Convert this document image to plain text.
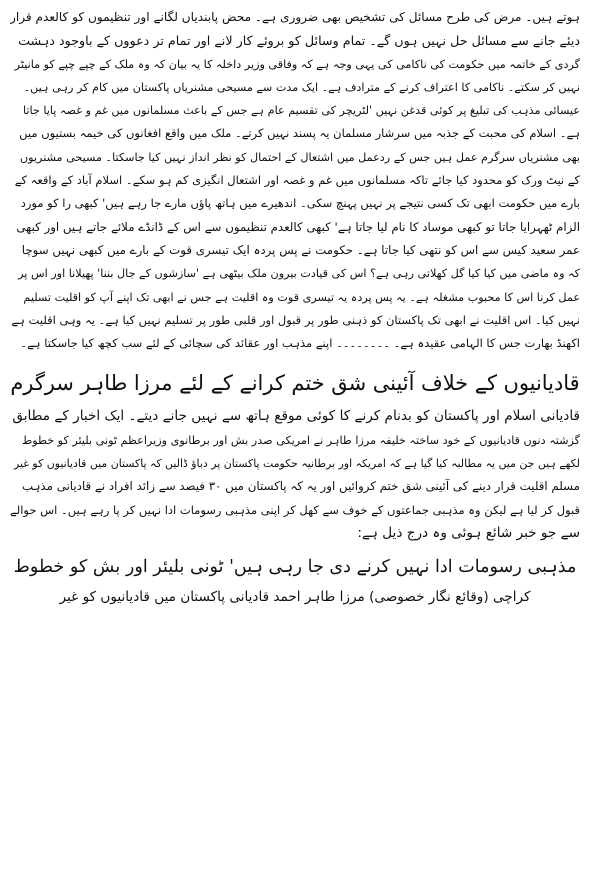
ہوتے ہیں۔ مرض کی طرح مسائل کی تشخیص بھی ضروری ہے۔ محض پابندیاں لگانے اور تنظیموں کو کالعدم قرار
دیئے جانے سے مسائل حل نہیں ہوں گے۔ تمام وسائل کو بروئے کار لانے اور تمام تر دعووں کے باوجود دہشت
گردی کے خاتمہ میں حکومت کی ناکامی کی یہی وجہ ہے کہ وفاقی وزیر داخلہ کا یہ بیان کہ وہ ملک کے چپے چپے کو مانیٹر
نہیں کر سکتے۔ ناکامی کا اعتراف کرنے کے مترادف ہے۔ ایک مدت سے مسیحی مشنریاں پاکستان میں کام کر رہی ہیں۔
عیسائی مذہب کی تبلیغ پر کوئی قدغن نہیں 'لٹریچر کی تقسیم عام ہے جس کے باعث مسلمانوں میں غم و غصہ پایا جاتا
ہے۔ اسلام کی محبت کے جذبہ میں سرشار مسلمان یہ پسند نہیں کرتے۔ ملک میں واقع افغانوں کی خیمہ بستیوں میں
بھی مشنریاں سرگرم عمل ہیں جس کے ردعمل میں اشتعال کے احتمال کو نظر انداز نہیں کیا جاسکتا۔ مسیحی مشنریوں
کے نیٹ ورک کو محدود کیا جائے تاکہ مسلمانوں میں غم و غصہ اور اشتعال انگیزی کم ہو سکے۔ اسلام آباد کے واقعہ کے
بارے میں حکومت ابھی تک کسی نتیجے پر نہیں پہنچ سکی۔ اندھیرے میں ہاتھ پاؤں مارے جا رہے ہیں' کبھی را کو مورد
الزام ٹھہرایا جاتا تو کبھی موساد کا نام لیا جاتا ہے' کبھی کالعدم تنظیموں سے اس کے ڈانڈے ملائے جاتے ہیں اور کبھی
عمر سعید کیس سے اس کو نتھی کیا جاتا ہے۔ حکومت نے پس پردہ ایک تیسری قوت کے بارے میں کبھی نہیں سوچا
کہ وہ ماضی میں کیا کیا گل کھلاتی رہی ہے؟ اس کی قیادت بیرون ملک بیٹھی ہے 'سازشوں کے جال بننا' پھیلانا اور اس پر
عمل کرنا اس کا محبوب مشغلہ ہے۔ یہ پس پردہ یہ تیسری قوت وہ اقلیت ہے جس نے ابھی تک اپنے آپ کو اقلیت تسلیم
نہیں کیا۔ اس اقلیت نے ابھی تک پاکستان کو ذہنی طور پر قبول اور قلبی طور پر تسلیم نہیں کیا ہے۔ یہ وہی اقلیت ہے
اکھنڈ بھارت جس کا الہامی عقیدہ ہے۔ ۔۔۔۔۔۔۔۔ اپنے مذہب اور عقائد کی سچائی کے لئے سب کچھ کیا جاسکتا ہے۔
قادیانیوں کے خلاف آئینی شق ختم کرانے کے لئے مرزا طاہر سرگرم
قادیانی اسلام اور پاکستان کو بدنام کرنے کا کوئی موقع ہاتھ سے نہیں جانے دیتے۔ ایک اخبار کے مطابق
گزشتہ دنوں قادیانیوں کے خود ساختہ خلیفہ مرزا طاہر نے امریکی صدر بش اور برطانوی وزیراعظم ٹونی بلیئر کو خطوط
لکھے ہیں جن میں یہ مطالبہ کیا گیا ہے کہ امریکہ اور برطانیہ حکومت پاکستان پر دباؤ ڈالیں کہ پاکستان میں قادیانیوں کو غیر
مسلم اقلیت قرار دینے کی آئینی شق ختم کروائیں اور یہ کہ پاکستان میں ۳۰ فیصد سے زائد افراد نے قادیانی مذہب
قبول کر لیا ہے لیکن وہ مذہبی جماعتوں کے خوف سے کھل کر اپنی مذہبی رسومات ادا نہیں کر پا رہے ہیں۔ اس حوالے
سے جو خبر شائع ہوئی وہ درج ذیل ہے:
مذہبی رسومات ادا نہیں کرنے دی جا رہی ہیں' ٹونی بلیئر اور بش کو خطوط

کراچی (وقائع نگار خصوصی) مرزا طاہر احمد قادیانی پاکستان میں قادیانیوں کو غیر
